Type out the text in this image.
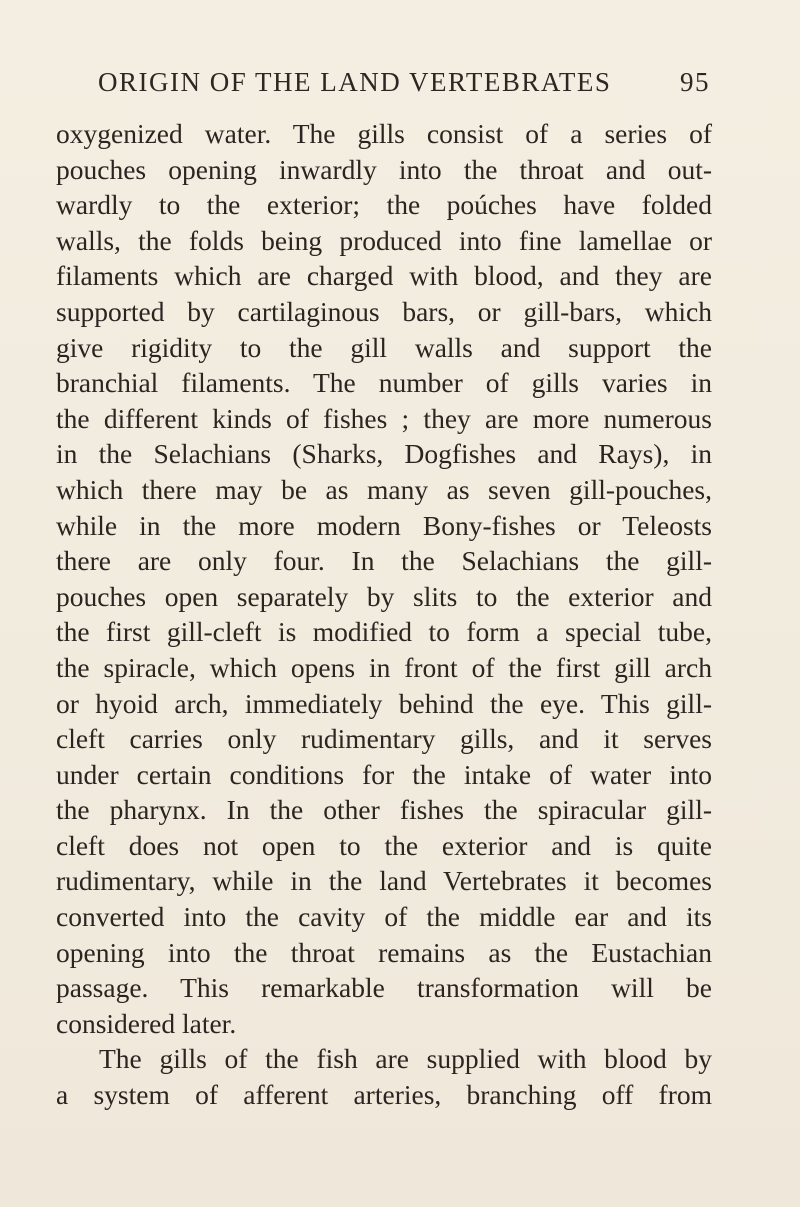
ORIGIN OF THE LAND VERTEBRATES	95
oxygenized water. The gills consist of a series of
pouches opening inwardly into the throat and out-
wardly to the exterior; the poúches have folded
walls, the folds being produced into fine lamellae or
filaments which are charged with blood, and they are
supported by cartilaginous bars, or gill-bars, which
give rigidity to the gill walls and support the
branchial filaments. The number of gills varies in
the different kinds of fishes ; they are more numerous
in the Selachians (Sharks, Dogfishes and Rays), in
which there may be as many as seven gill-pouches,
while in the more modern Bony-fishes or Teleosts
there are only four. In the Selachians the gill-
pouches open separately by slits to the exterior and
the first gill-cleft is modified to form a special tube,
the spiracle, which opens in front of the first gill arch
or hyoid arch, immediately behind the eye. This gill-
cleft carries only rudimentary gills, and it serves
under certain conditions for the intake of water into
the pharynx. In the other fishes the spiracular gill-
cleft does not open to the exterior and is quite
rudimentary, while in the land Vertebrates it becomes
converted into the cavity of the middle ear and its
opening into the throat remains as the Eustachian
passage. This remarkable transformation will be
considered later.
The gills of the fish are supplied with blood by
a system of afferent arteries, branching off from
